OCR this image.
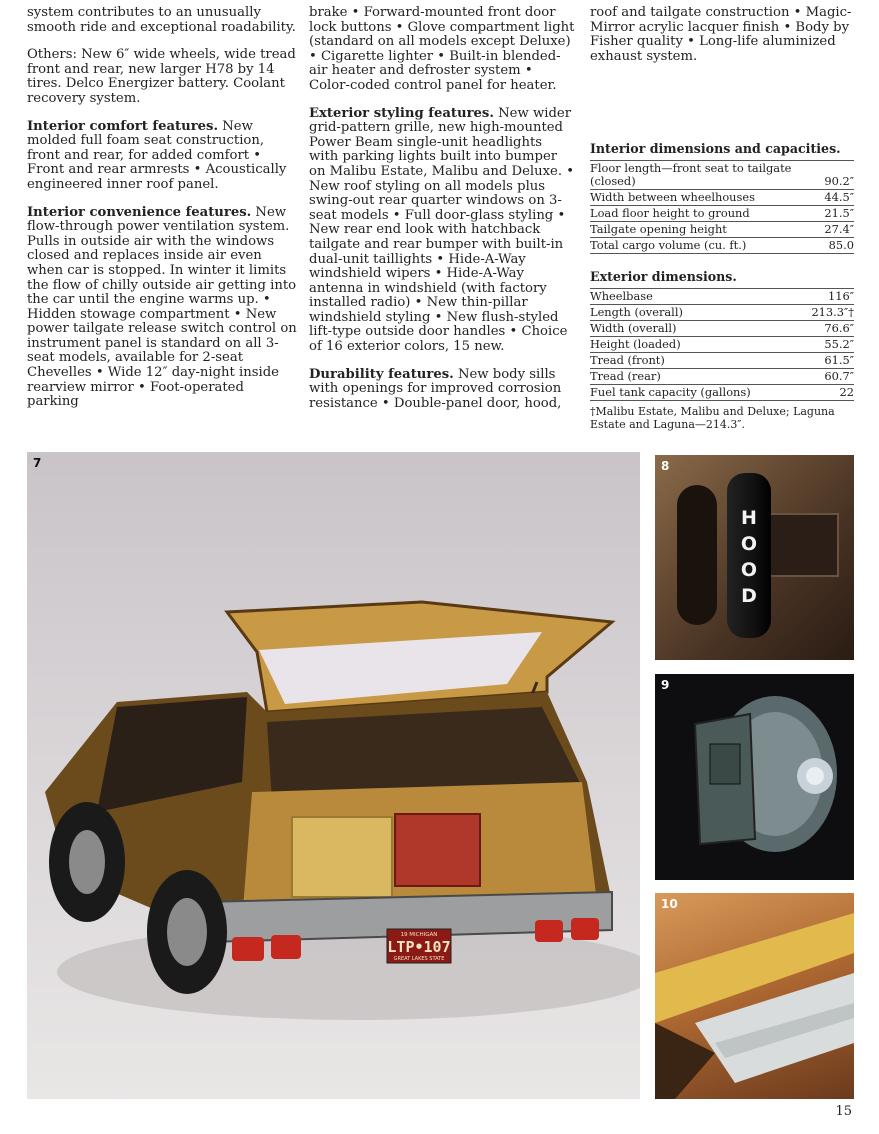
system contributes to an unusually smooth ride and exceptional roadability.

Others: New 6″ wide wheels, wide tread front and rear, new larger H78 by 14 tires. Delco Energizer battery. Coolant recovery system.

Interior comfort features. New molded full foam seat construction, front and rear, for added comfort • Front and rear armrests • Acoustically engineered inner roof panel.

Interior convenience features. New flow-through power ventilation system. Pulls in outside air with the windows closed and replaces inside air even when car is stopped. In winter it limits the flow of chilly outside air getting into the car until the engine warms up. • Hidden stowage compartment • New power tailgate release switch control on instrument panel is standard on all 3-seat models, available for 2-seat Chevelles • Wide 12″ day-night inside rearview mirror • Foot-operated parking

brake • Forward-mounted front door lock buttons • Glove compartment light (standard on all models except Deluxe) • Cigarette lighter • Built-in blended-air heater and defroster system • Color-coded control panel for heater.

Exterior styling features. New wider grid-pattern grille, new high-mounted Power Beam single-unit headlights with parking lights built into bumper on Malibu Estate, Malibu and Deluxe. • New roof styling on all models plus swing-out rear quarter windows on 3-seat models • Full door-glass styling • New rear end look with hatchback tailgate and rear bumper with built-in dual-unit taillights • Hide-A-Way windshield wipers • Hide-A-Way antenna in windshield (with factory installed radio) • New thin-pillar windshield styling • New flush-styled lift-type outside door handles • Choice of 16 exterior colors, 15 new.

Durability features. New body sills with openings for improved corrosion resistance • Double-panel door, hood,

roof and tailgate construction • Magic-Mirror acrylic lacquer finish • Body by Fisher quality • Long-life aluminized exhaust system.

Interior dimensions and capacities.
Floor length—front seat to tailgate (closed)	90.2″
Width between wheelhouses	44.5″
Load floor height to ground	21.5″
Tailgate opening height	27.4″
Total cargo volume (cu. ft.)	85.0
Exterior dimensions.
Wheelbase	116″
Length (overall)	213.3″†
Width (overall)	76.6″
Height (loaded)	55.2″
Tread (front)	61.5″
Tread (rear)	60.7″
Fuel tank capacity (gallons)	22
†Malibu Estate, Malibu and Deluxe; Laguna Estate and Laguna—214.3″.
7
19 MICHIGAN
LTP•107
GREAT LAKES STATE
8
H
O
O
D
9
10
15
